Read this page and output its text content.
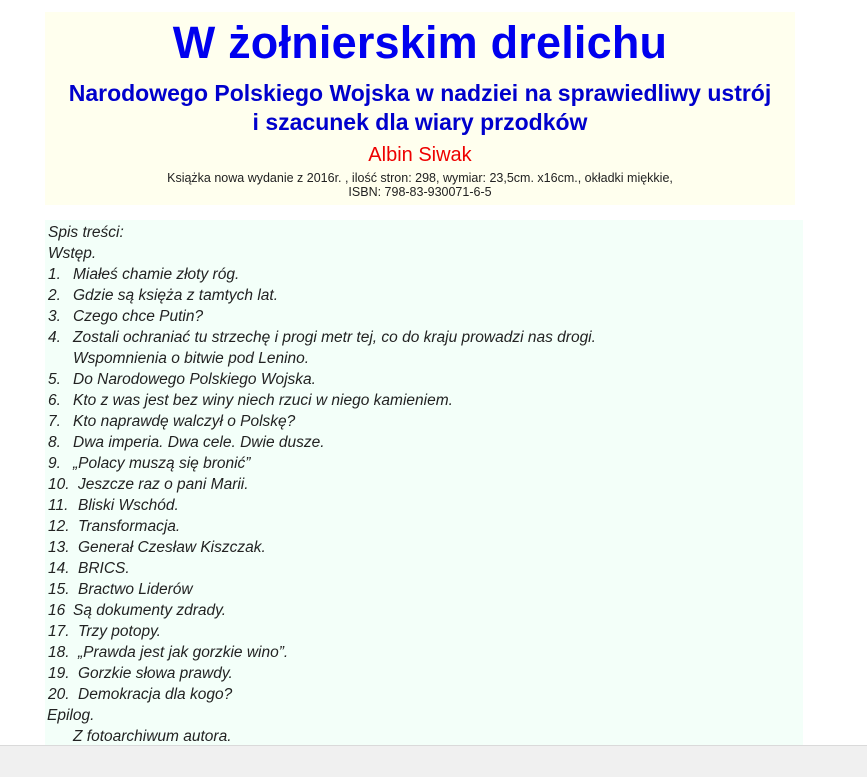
W żołnierskim drelichu
Narodowego Polskiego Wojska w nadziei na sprawiedliwy ustrój
i szacunek dla wiary przodków
Albin Siwak
Książka nowa wydanie z 2016r. , ilość stron: 298, wymiar: 23,5cm. x16cm., okładki miękkie,
ISBN: 798-83-930071-6-5
Spis treści:
Wstęp.
1. Miałeś chamie złoty róg.
2. Gdzie są księża z tamtych lat.
3. Czego chce Putin?
4. Zostali ochraniać tu strzechę i progi metr tej, co do kraju prowadzi nas drogi.
Wspomnienia o bitwie pod Lenino.
5. Do Narodowego Polskiego Wojska.
6. Kto z was jest bez winy niech rzuci w niego kamieniem.
7. Kto naprawdę walczył o Polskę?
8. Dwa imperia. Dwa cele. Dwie dusze.
9. „Polacy muszą się bronić”
10. Jeszcze raz o pani Marii.
11. Bliski Wschód.
12. Transformacja.
13. Generał Czesław Kiszczak.
14. BRICS.
15. Bractwo Liderów
16 Są dokumenty zdrady.
17. Trzy potopy.
18. „Prawda jest jak gorzkie wino”.
19. Gorzkie słowa prawdy.
20. Demokracja dla kogo?
Epilog.
Z fotoarchiwum autora.
